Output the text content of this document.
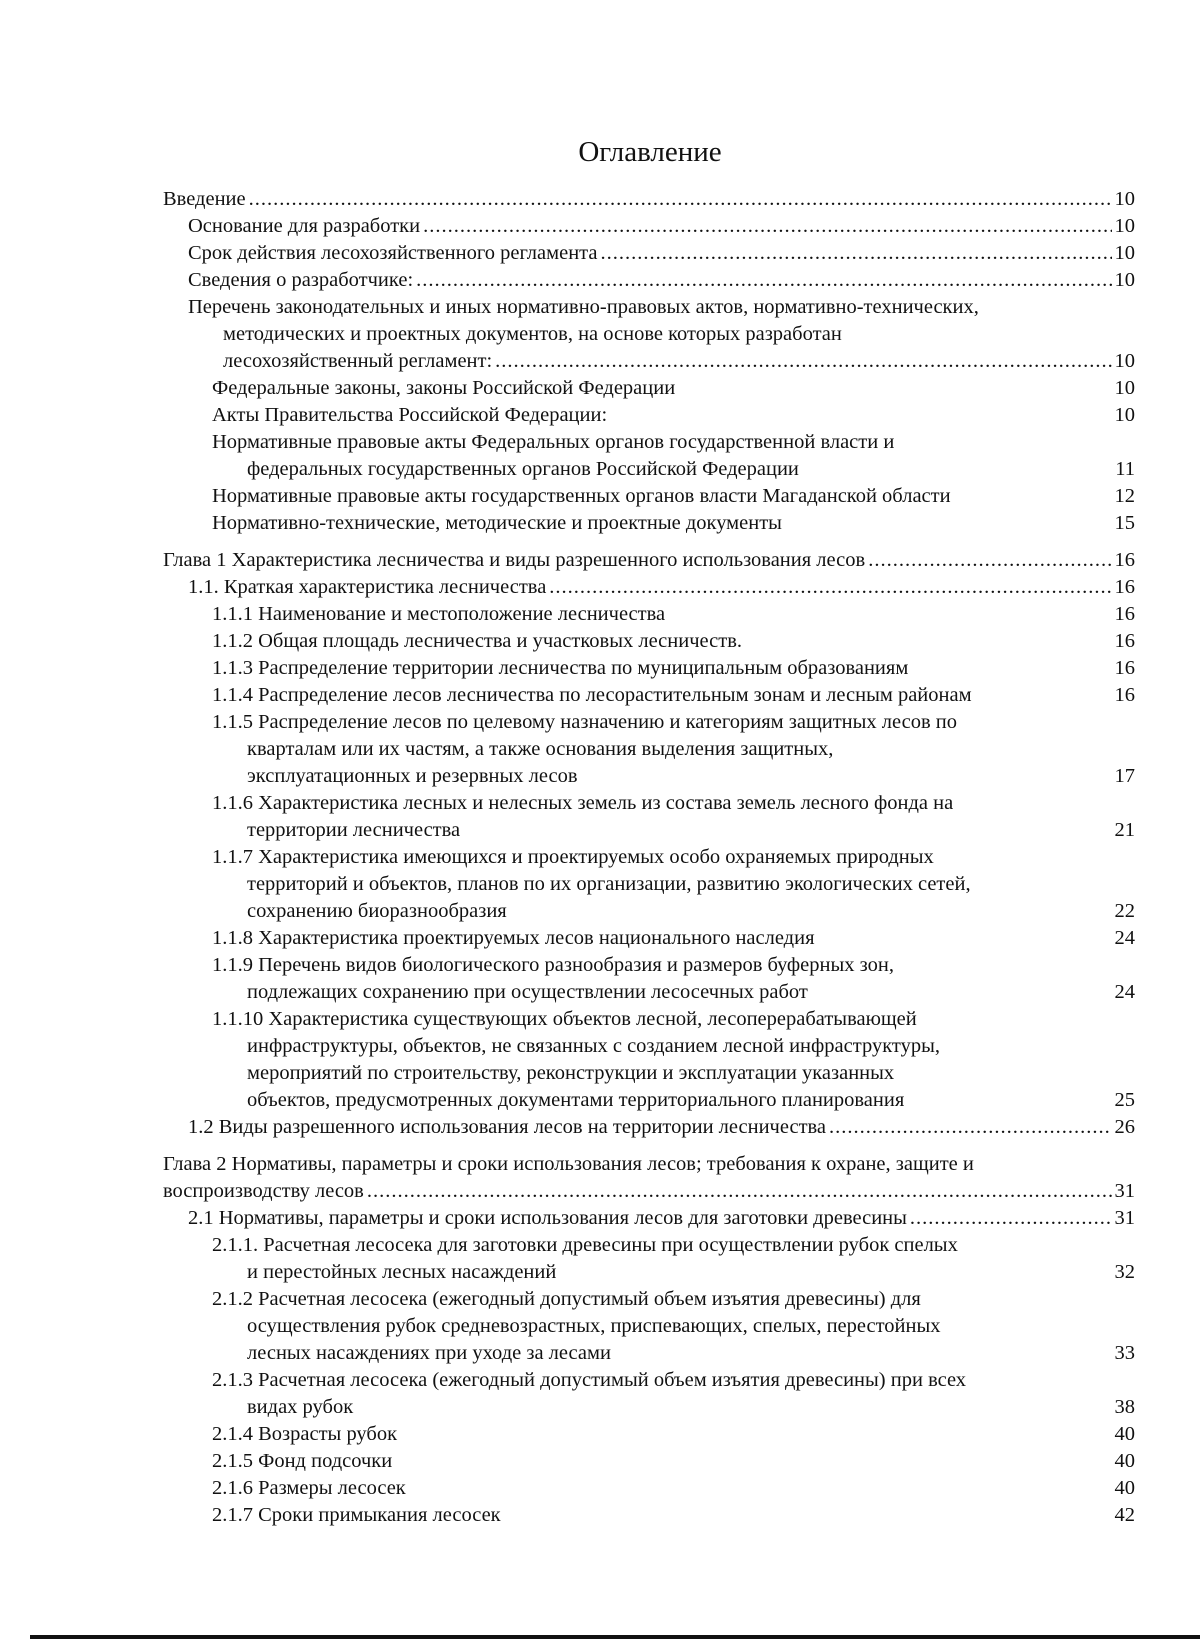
Оглавление
Введение .....	10
Основание для разработки .....	10
Срок действия лесохозяйственного регламента .....	10
Сведения о разработчике: .....	10
Перечень законодательных и иных нормативно-правовых актов, нормативно-технических,
методических и проектных документов, на основе которых разработан
лесохозяйственный регламент: .....	10
Федеральные законы, законы Российской Федерации	10
Акты Правительства Российской Федерации:	10
Нормативные правовые акты Федеральных органов государственной власти и
федеральных государственных органов Российской Федерации	11
Нормативные правовые акты государственных органов власти Магаданской области	12
Нормативно-технические, методические и проектные документы	15
Глава 1 Характеристика лесничества и виды разрешенного использования лесов .....	16
1.1. Краткая характеристика лесничества .....	16
1.1.1 Наименование и местоположение лесничества	16
1.1.2 Общая площадь лесничества и участковых лесничеств.	16
1.1.3 Распределение территории лесничества по муниципальным образованиям	16
1.1.4 Распределение лесов лесничества по лесорастительным зонам и лесным районам	16
1.1.5 Распределение лесов по целевому назначению и категориям защитных лесов по
кварталам или их частям, а также основания выделения защитных,
эксплуатационных и резервных лесов	17
1.1.6 Характеристика лесных и нелесных земель из состава земель лесного фонда на
территории лесничества	21
1.1.7 Характеристика имеющихся и проектируемых особо охраняемых природных
территорий и объектов, планов по их организации, развитию экологических сетей,
сохранению биоразнообразия	22
1.1.8 Характеристика проектируемых лесов национального наследия	24
1.1.9 Перечень видов биологического разнообразия и размеров буферных зон,
подлежащих сохранению при осуществлении лесосечных работ	24
1.1.10 Характеристика существующих объектов лесной, лесоперерабатывающей
инфраструктуры, объектов, не связанных с созданием лесной инфраструктуры,
мероприятий по строительству, реконструкции и эксплуатации указанных
объектов, предусмотренных документами территориального планирования	25
1.2 Виды разрешенного использования лесов на территории лесничества .....	26
Глава 2 Нормативы, параметры и сроки использования лесов; требования к охране, защите и
воспроизводству лесов .....	31
2.1 Нормативы, параметры и сроки использования лесов для заготовки древесины .....	31
2.1.1. Расчетная лесосека для заготовки древесины при осуществлении рубок спелых
и перестойных лесных насаждений	32
2.1.2 Расчетная лесосека (ежегодный допустимый объем изъятия древесины) для
осуществления рубок средневозрастных, приспевающих, спелых, перестойных
лесных насаждениях при уходе за лесами	33
2.1.3 Расчетная лесосека (ежегодный допустимый объем изъятия древесины) при всех
видах рубок	38
2.1.4 Возрасты рубок	40
2.1.5 Фонд подсочки	40
2.1.6 Размеры лесосек	40
2.1.7 Сроки примыкания лесосек	42
